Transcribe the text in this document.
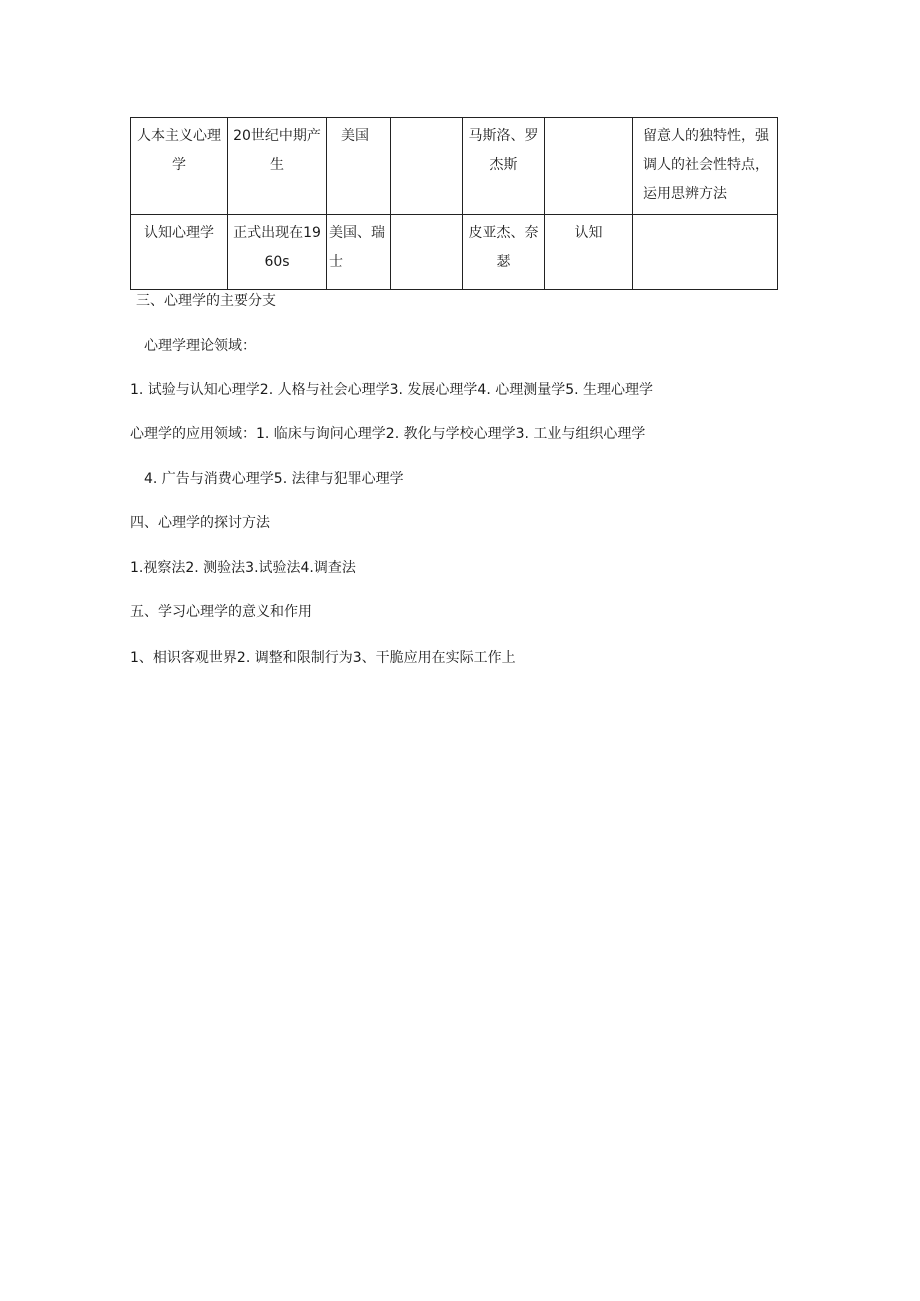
人本主义心理学	20世纪中期产生	美国		马斯洛、罗杰斯		留意人的独特性，强调人的社会性特点，运用思辨方法
认知心理学	正式出现在1960s	美国、瑞士		皮亚杰、奈瑟	认知	
三、心理学的主要分支
心理学理论领域：
1. 试验与认知心理学2. 人格与社会心理学3. 发展心理学4. 心理测量学5. 生理心理学
心理学的应用领域：1. 临床与询问心理学2. 教化与学校心理学3. 工业与组织心理学
4. 广告与消费心理学5. 法律与犯罪心理学
四、心理学的探讨方法
1.视察法2. 测验法3.试验法4.调查法
五、学习心理学的意义和作用
1、相识客观世界2. 调整和限制行为3、干脆应用在实际工作上
